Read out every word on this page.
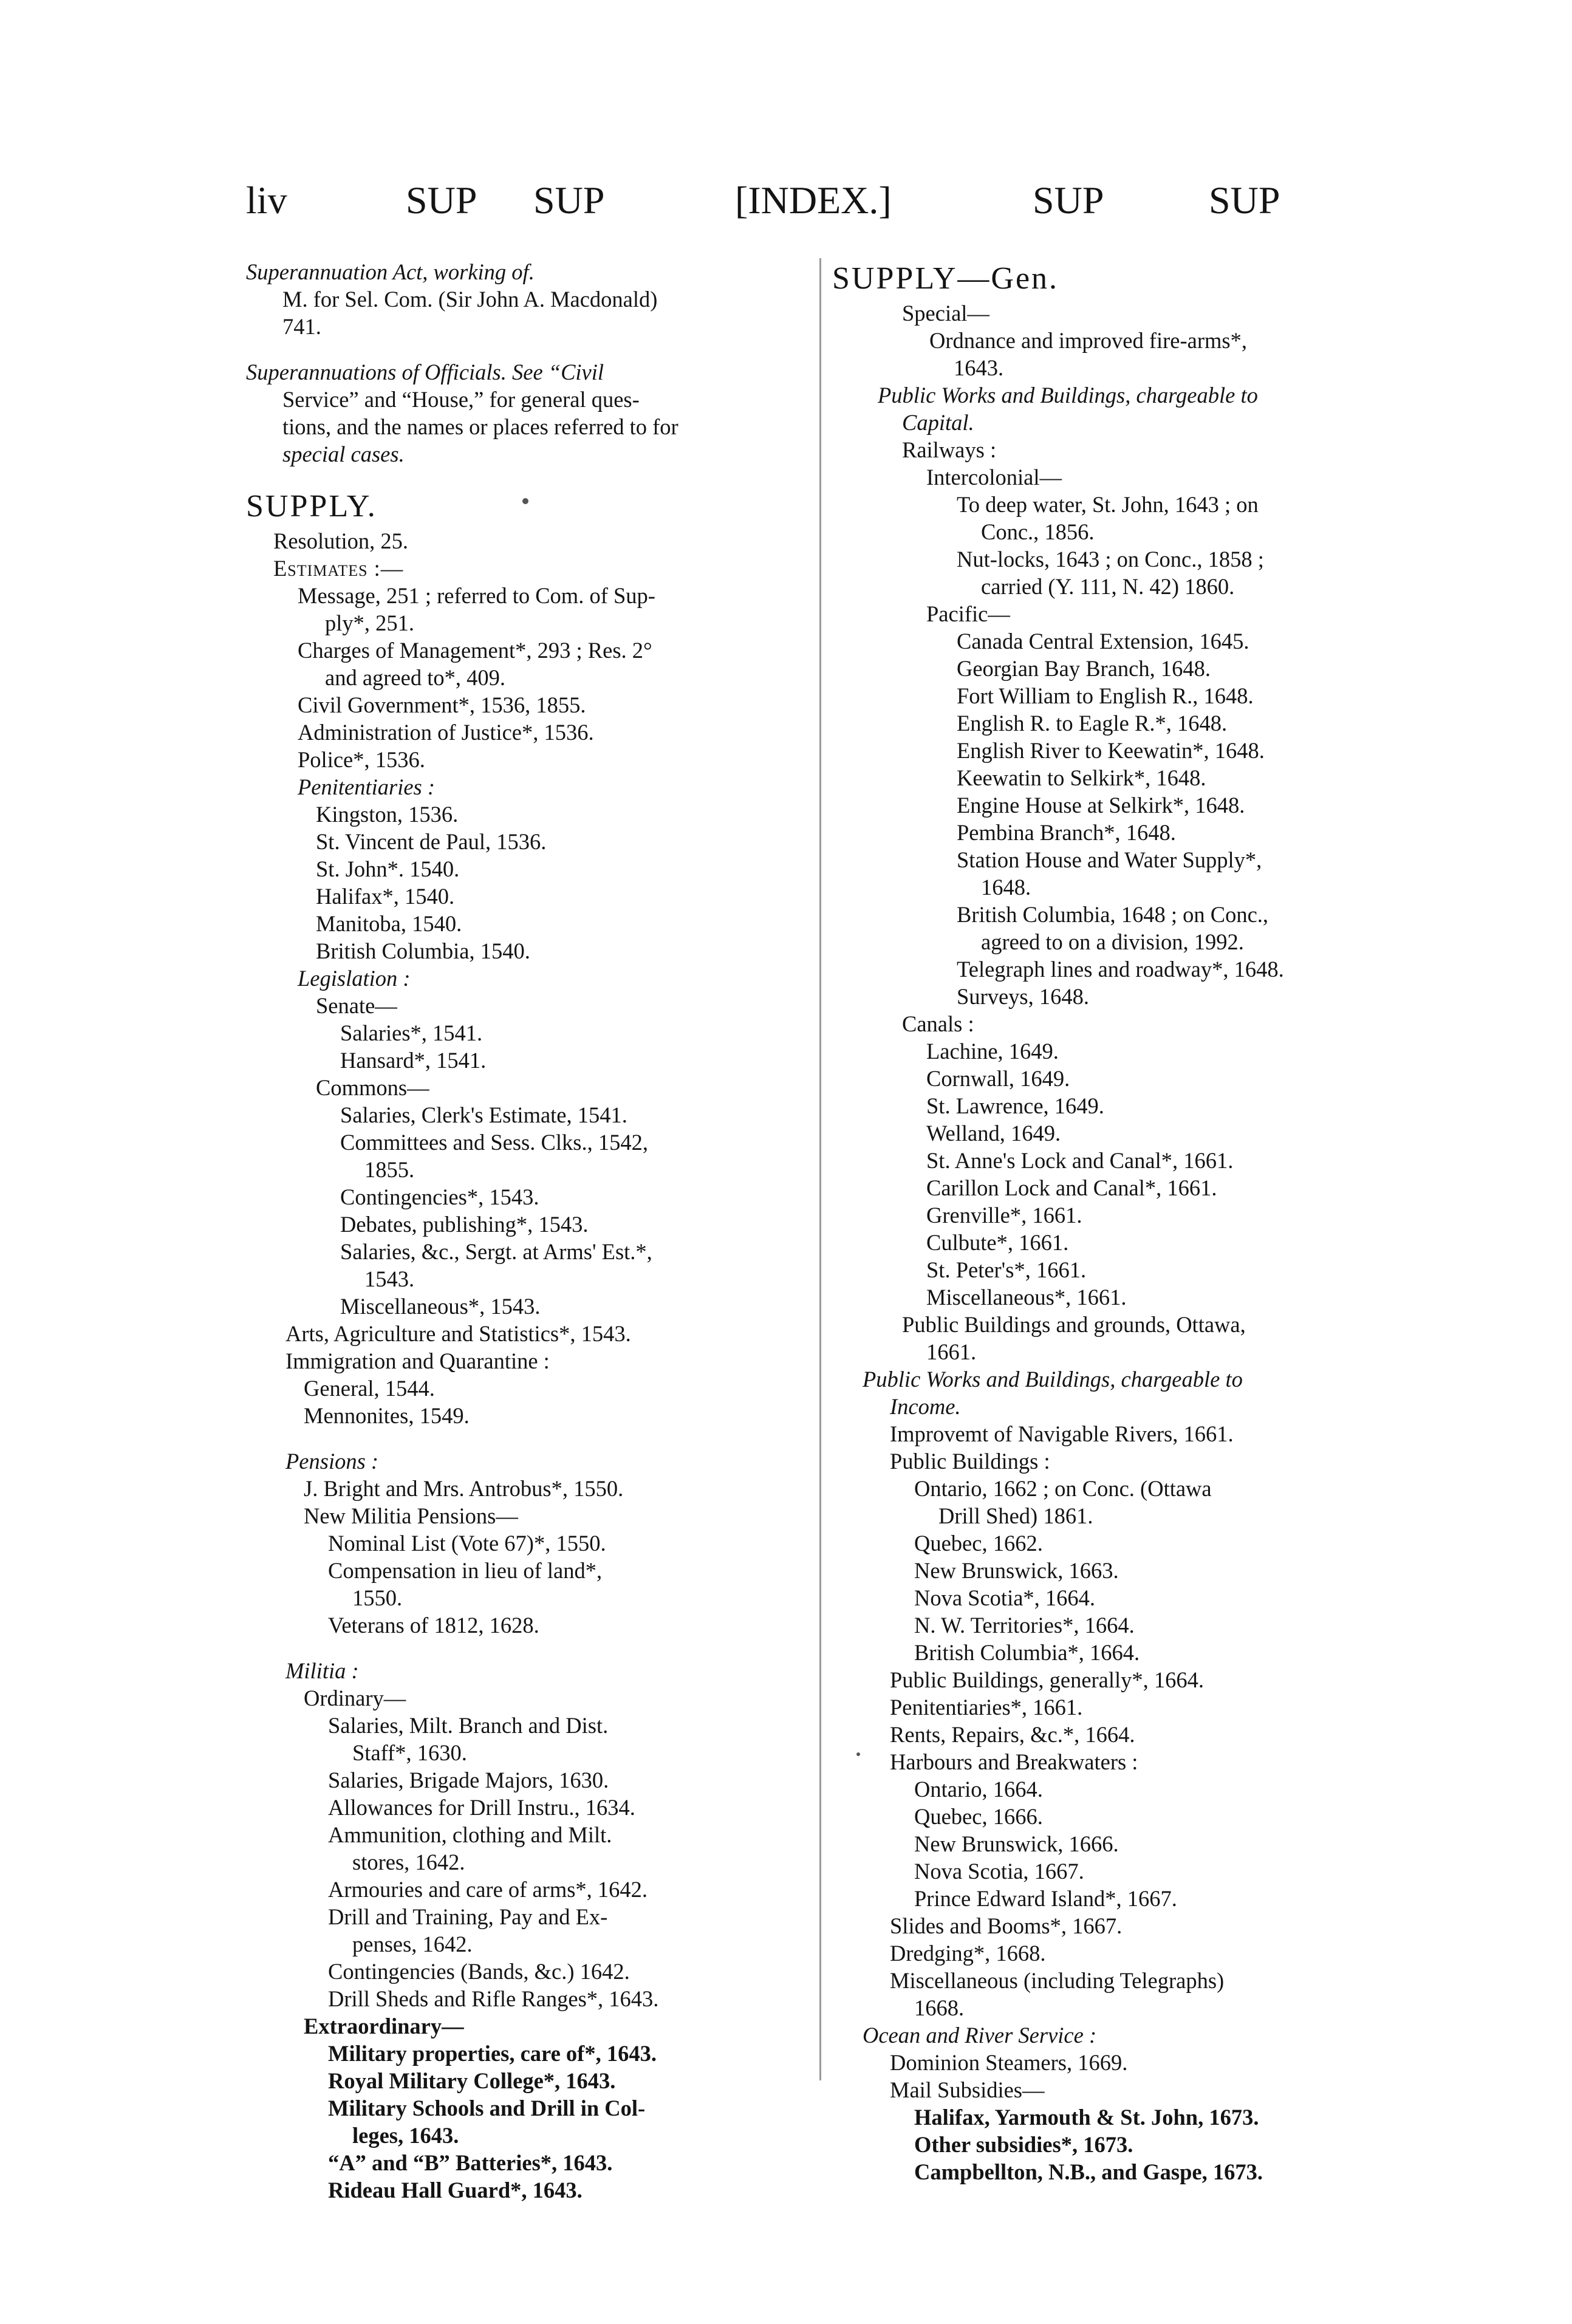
liv	SUP SUP	[INDEX.]	SUP	SUP
Superannuation Act, working of.
M. for Sel. Com. (Sir John A. Macdonald)
741.
Superannuations of Officials. See “Civil
Service” and “House,” for general ques-
tions, and the names or places referred to for
special cases.
SUPPLY.
Resolution, 25.
Estimates :—
Message, 251 ; referred to Com. of Sup-
ply*, 251.
Charges of Management*, 293 ; Res. 2°
and agreed to*, 409.
Civil Government*, 1536, 1855.
Administration of Justice*, 1536.
Police*, 1536.
Penitentiaries :
Kingston, 1536.
St. Vincent de Paul, 1536.
St. John*. 1540.
Halifax*, 1540.
Manitoba, 1540.
British Columbia, 1540.
Legislation :
Senate—
Salaries*, 1541.
Hansard*, 1541.
Commons—
Salaries, Clerk's Estimate, 1541.
Committees and Sess. Clks., 1542,
1855.
Contingencies*, 1543.
Debates, publishing*, 1543.
Salaries, &c., Sergt. at Arms' Est.*,
1543.
Miscellaneous*, 1543.
Arts, Agriculture and Statistics*, 1543.
Immigration and Quarantine :
General, 1544.
Mennonites, 1549.
Pensions :
J. Bright and Mrs. Antrobus*, 1550.
New Militia Pensions—
Nominal List (Vote 67)*, 1550.
Compensation in lieu of land*,
1550.
Veterans of 1812, 1628.
Militia :
Ordinary—
Salaries, Milt. Branch and Dist.
Staff*, 1630.
Salaries, Brigade Majors, 1630.
Allowances for Drill Instru., 1634.
Ammunition, clothing and Milt.
stores, 1642.
Armouries and care of arms*, 1642.
Drill and Training, Pay and Ex-
penses, 1642.
Contingencies (Bands, &c.) 1642.
Drill Sheds and Rifle Ranges*, 1643.
Extraordinary—
Military properties, care of*, 1643.
Royal Military College*, 1643.
Military Schools and Drill in Col-
leges, 1643.
“A” and “B” Batteries*, 1643.
Rideau Hall Guard*, 1643.
SUPPLY—Gen.
Special—
Ordnance and improved fire-arms*,
1643.
Public Works and Buildings, chargeable to
Capital.
Railways :
Intercolonial—
To deep water, St. John, 1643 ; on
Conc., 1856.
Nut-locks, 1643 ; on Conc., 1858 ;
carried (Y. 111, N. 42) 1860.
Pacific—
Canada Central Extension, 1645.
Georgian Bay Branch, 1648.
Fort William to English R., 1648.
English R. to Eagle R.*, 1648.
English River to Keewatin*, 1648.
Keewatin to Selkirk*, 1648.
Engine House at Selkirk*, 1648.
Pembina Branch*, 1648.
Station House and Water Supply*,
1648.
British Columbia, 1648 ; on Conc.,
agreed to on a division, 1992.
Telegraph lines and roadway*, 1648.
Surveys, 1648.
Canals :
Lachine, 1649.
Cornwall, 1649.
St. Lawrence, 1649.
Welland, 1649.
St. Anne's Lock and Canal*, 1661.
Carillon Lock and Canal*, 1661.
Grenville*, 1661.
Culbute*, 1661.
St. Peter's*, 1661.
Miscellaneous*, 1661.
Public Buildings and grounds, Ottawa,
1661.
Public Works and Buildings, chargeable to
Income.
Improvemt of Navigable Rivers, 1661.
Public Buildings :
Ontario, 1662 ; on Conc. (Ottawa
Drill Shed) 1861.
Quebec, 1662.
New Brunswick, 1663.
Nova Scotia*, 1664.
N. W. Territories*, 1664.
British Columbia*, 1664.
Public Buildings, generally*, 1664.
Penitentiaries*, 1661.
Rents, Repairs, &c.*, 1664.
Harbours and Breakwaters :
Ontario, 1664.
Quebec, 1666.
New Brunswick, 1666.
Nova Scotia, 1667.
Prince Edward Island*, 1667.
Slides and Booms*, 1667.
Dredging*, 1668.
Miscellaneous (including Telegraphs)
1668.
Ocean and River Service :
Dominion Steamers, 1669.
Mail Subsidies—
Halifax, Yarmouth & St. John, 1673.
Other subsidies*, 1673.
Campbellton, N.B., and Gaspe, 1673.
